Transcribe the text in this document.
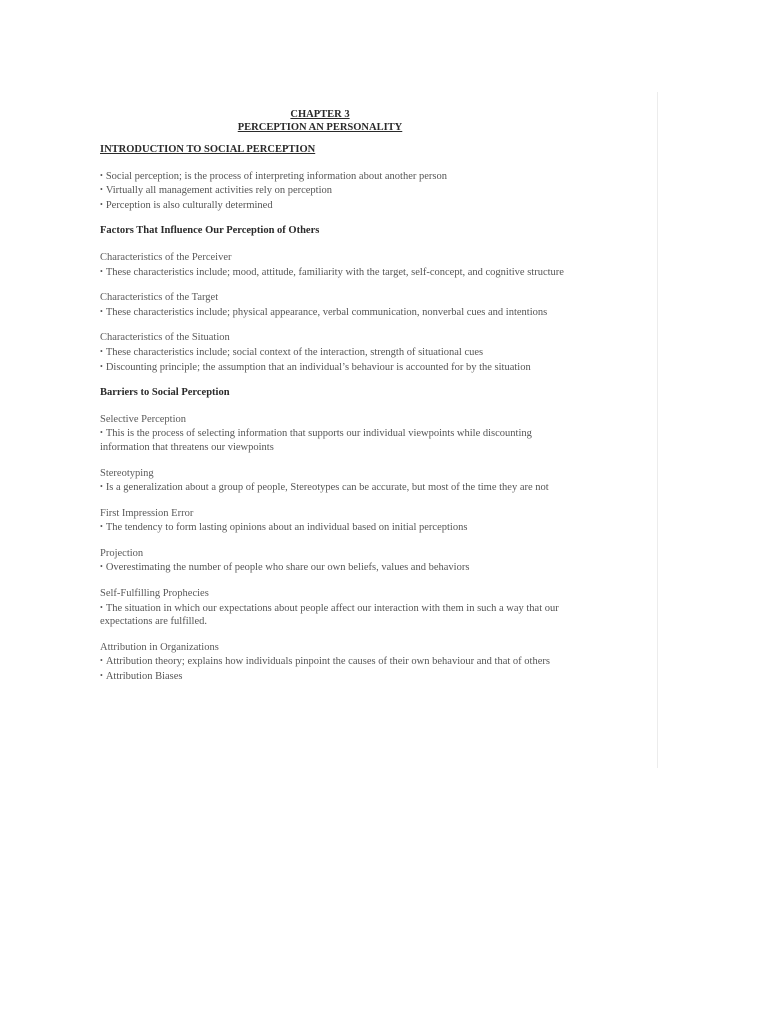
CHAPTER 3
PERCEPTION AN PERSONALITY
INTRODUCTION TO SOCIAL PERCEPTION
• Social perception; is the process of interpreting information about another person
• Virtually all management activities rely on perception
• Perception is also culturally determined
Factors That Influence Our Perception of Others
Characteristics of the Perceiver
• These characteristics include; mood, attitude, familiarity with the target, self-concept, and cognitive structure
Characteristics of the Target
• These characteristics include; physical appearance, verbal communication, nonverbal cues and intentions
Characteristics of the Situation
• These characteristics include; social context of the interaction, strength of situational cues
• Discounting principle; the assumption that an individual’s behaviour is accounted for by the situation
Barriers to Social Perception
Selective Perception
• This is the process of selecting information that supports our individual viewpoints while discounting information that threatens our viewpoints
Stereotyping
• Is a generalization about a group of people, Stereotypes can be accurate, but most of the time they are not
First Impression Error
• The tendency to form lasting opinions about an individual based on initial perceptions
Projection
• Overestimating the number of people who share our own beliefs, values and behaviors
Self-Fulfilling Prophecies
• The situation in which our expectations about people affect our interaction with them in such a way that our expectations are fulfilled.
Attribution in Organizations
• Attribution theory; explains how individuals pinpoint the causes of their own behaviour and that of others
• Attribution Biases
